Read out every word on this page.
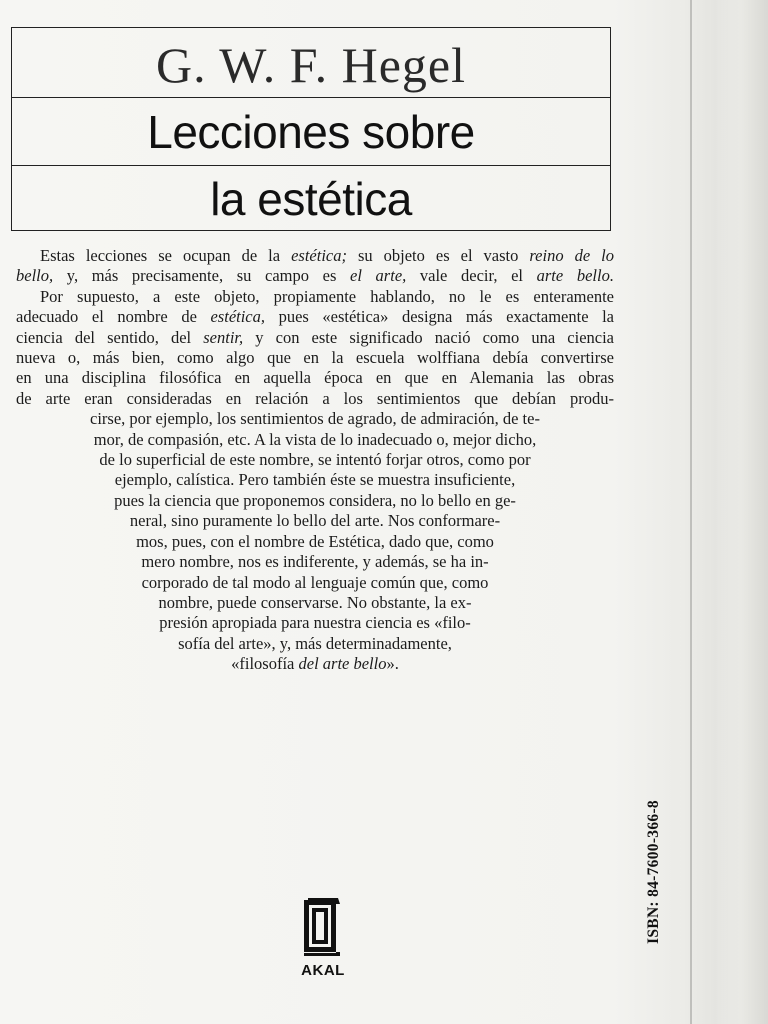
G. W. F. Hegel
Lecciones sobre
la estética
Estas lecciones se ocupan de la estética; su objeto es el vasto reino de lo
bello, y, más precisamente, su campo es el arte, vale decir, el arte bello.
Por supuesto, a este objeto, propiamente hablando, no le es enteramente
adecuado el nombre de estética, pues «estética» designa más exactamente la
ciencia del sentido, del sentir, y con este significado nació como una ciencia
nueva o, más bien, como algo que en la escuela wolffiana debía convertirse
en una disciplina filosófica en aquella época en que en Alemania las obras
de arte eran consideradas en relación a los sentimientos que debían produ-
cirse, por ejemplo, los sentimientos de agrado, de admiración, de te-
mor, de compasión, etc. A la vista de lo inadecuado o, mejor dicho,
de lo superficial de este nombre, se intentó forjar otros, como por
ejemplo, calística. Pero también éste se muestra insuficiente,
pues la ciencia que proponemos considera, no lo bello en ge-
neral, sino puramente lo bello del arte. Nos conformare-
mos, pues, con el nombre de Estética, dado que, como
mero nombre, nos es indiferente, y además, se ha in-
corporado de tal modo al lenguaje común que, como
nombre, puede conservarse. No obstante, la ex-
presión apropiada para nuestra ciencia es «filo-
sofía del arte», y, más determinadamente,
«filosofía del arte bello».
AKAL
ISBN: 84-7600-366-8
